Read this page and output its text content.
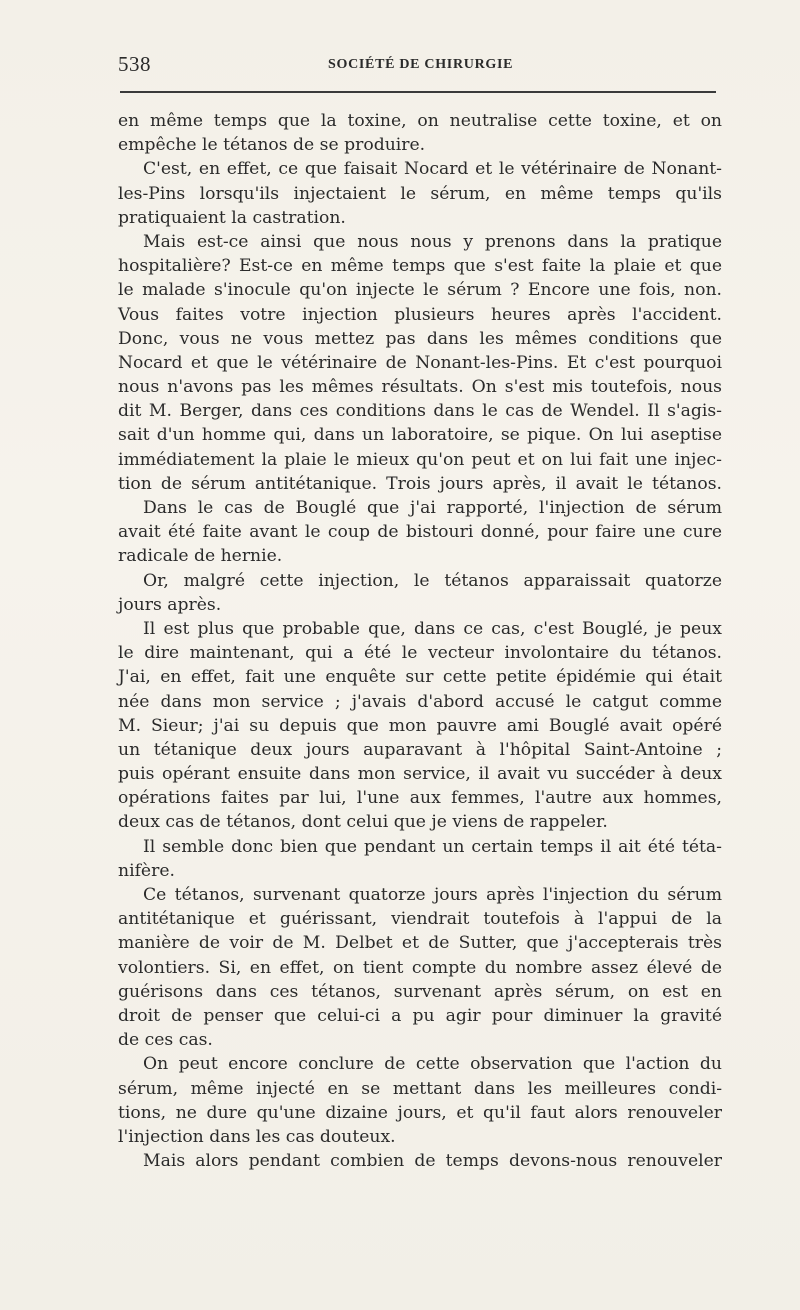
538	SOCIÉTÉ DE CHIRURGIE
en même temps que la toxine, on neutralise cette toxine, et on
empêche le tétanos de se produire.
C'est, en effet, ce que faisait Nocard et le vétérinaire de Nonant-
les-Pins lorsqu'ils injectaient le sérum, en même temps qu'ils
pratiquaient la castration.
Mais est-ce ainsi que nous nous y prenons dans la pratique
hospitalière? Est-ce en même temps que s'est faite la plaie et que
le malade s'inocule qu'on injecte le sérum ? Encore une fois, non.
Vous faites votre injection plusieurs heures après l'accident.
Donc, vous ne vous mettez pas dans les mêmes conditions que
Nocard et que le vétérinaire de Nonant-les-Pins. Et c'est pourquoi
nous n'avons pas les mêmes résultats. On s'est mis toutefois, nous
dit M. Berger, dans ces conditions dans le cas de Wendel. Il s'agis-
sait d'un homme qui, dans un laboratoire, se pique. On lui aseptise
immédiatement la plaie le mieux qu'on peut et on lui fait une injec-
tion de sérum antitétanique. Trois jours après, il avait le tétanos.
Dans le cas de Bouglé que j'ai rapporté, l'injection de sérum
avait été faite avant le coup de bistouri donné, pour faire une cure
radicale de hernie.
Or, malgré cette injection, le tétanos apparaissait quatorze
jours après.
Il est plus que probable que, dans ce cas, c'est Bouglé, je peux
le dire maintenant, qui a été le vecteur involontaire du tétanos.
J'ai, en effet, fait une enquête sur cette petite épidémie qui était
née dans mon service ; j'avais d'abord accusé le catgut comme
M. Sieur; j'ai su depuis que mon pauvre ami Bouglé avait opéré
un tétanique deux jours auparavant à l'hôpital Saint-Antoine ;
puis opérant ensuite dans mon service, il avait vu succéder à deux
opérations faites par lui, l'une aux femmes, l'autre aux hommes,
deux cas de tétanos, dont celui que je viens de rappeler.
Il semble donc bien que pendant un certain temps il ait été téta-
nifère.
Ce tétanos, survenant quatorze jours après l'injection du sérum
antitétanique et guérissant, viendrait toutefois à l'appui de la
manière de voir de M. Delbet et de Sutter, que j'accepterais très
volontiers. Si, en effet, on tient compte du nombre assez élevé de
guérisons dans ces tétanos, survenant après sérum, on est en
droit de penser que celui-ci a pu agir pour diminuer la gravité
de ces cas.
On peut encore conclure de cette observation que l'action du
sérum, même injecté en se mettant dans les meilleures condi-
tions, ne dure qu'une dizaine jours, et qu'il faut alors renouveler
l'injection dans les cas douteux.
Mais alors pendant combien de temps devons-nous renouveler
